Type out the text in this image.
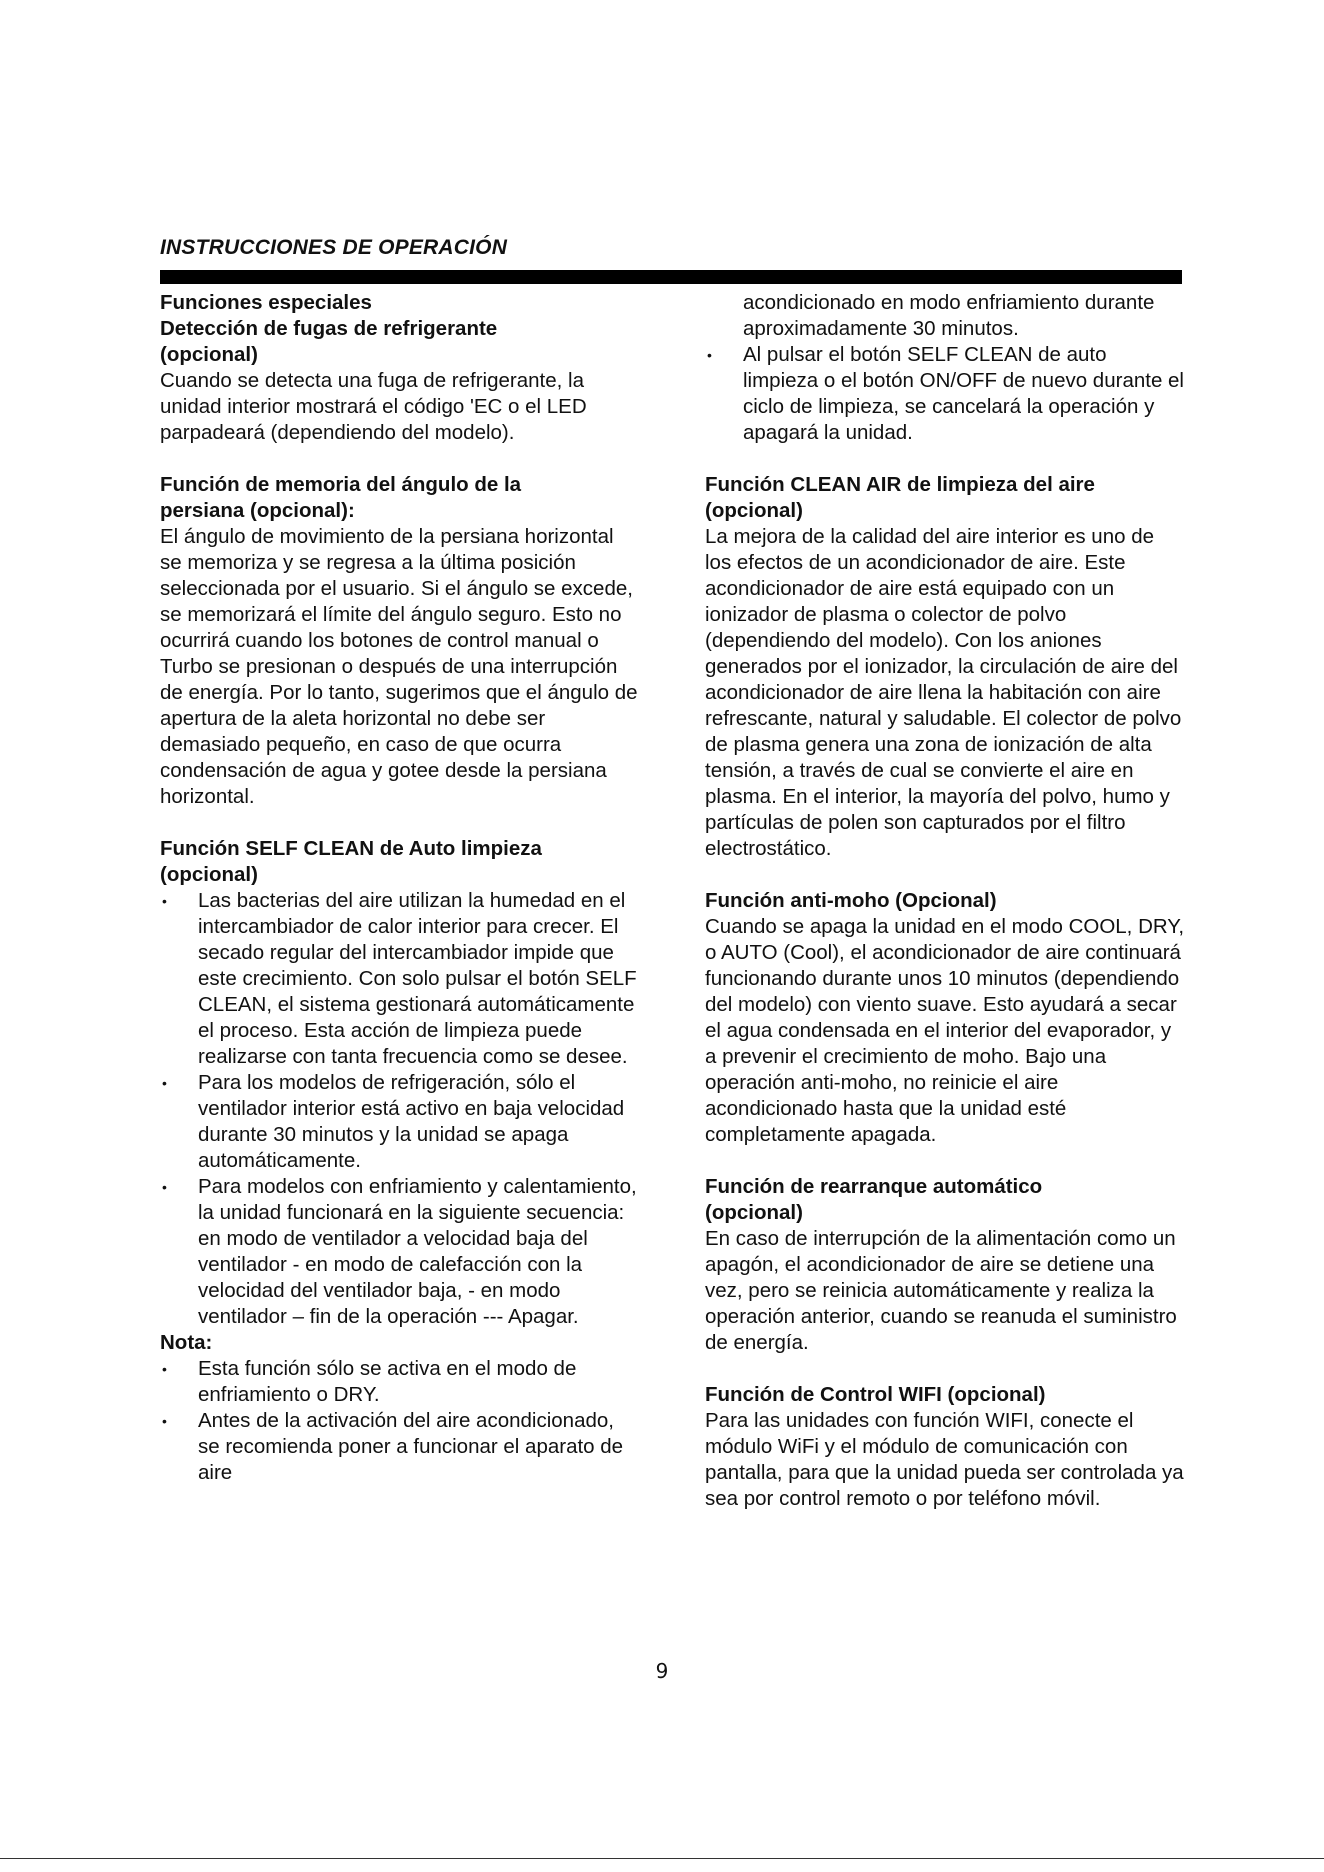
INSTRUCCIONES DE OPERACIÓN

Funciones especiales

Detección de fugas de refrigerante

(opcional)

Cuando se detecta una fuga de refrigerante, la unidad interior mostrará el código 'EC o el LED parpadeará (dependiendo del modelo).

Función de memoria del ángulo de la

persiana (opcional):

El ángulo de movimiento de la persiana horizontal se memoriza y se regresa a la última posición seleccionada por el usuario. Si el ángulo se excede, se memorizará el límite del ángulo seguro. Esto no ocurrirá cuando los botones de control manual o Turbo se presionan o después de una interrupción de energía. Por lo tanto, sugerimos que el ángulo de apertura de la aleta horizontal no debe ser demasiado pequeño, en caso de que ocurra condensación de agua y gotee desde la persiana horizontal.

Función SELF CLEAN de Auto limpieza

(opcional)

• Las bacterias del aire utilizan la humedad en el intercambiador de calor interior para crecer. El secado regular del intercambiador impide que este crecimiento. Con solo pulsar el botón SELF CLEAN, el sistema gestionará automáticamente el proceso. Esta acción de limpieza puede realizarse con tanta frecuencia como se desee.
• Para los modelos de refrigeración, sólo el ventilador interior está activo en baja velocidad durante 30 minutos y la unidad se apaga automáticamente.
• Para modelos con enfriamiento y calentamiento, la unidad funcionará en la siguiente secuencia: en modo de ventilador a velocidad baja del ventilador - en modo de calefacción con la velocidad del ventilador baja, - en modo ventilador – fin de la operación --- Apagar.

Nota:

• Esta función sólo se activa en el modo de enfriamiento o DRY.
• Antes de la activación del aire acondicionado, se recomienda poner a funcionar el aparato de aire

acondicionado en modo enfriamiento durante aproximadamente 30 minutos.

• Al pulsar el botón SELF CLEAN de auto limpieza o el botón ON/OFF de nuevo durante el ciclo de limpieza, se cancelará la operación y apagará la unidad.

Función CLEAN AIR de limpieza del aire

(opcional)

La mejora de la calidad del aire interior es uno de los efectos de un acondicionador de aire. Este acondicionador de aire está equipado con un ionizador de plasma o colector de polvo (dependiendo del modelo). Con los aniones generados por el ionizador, la circulación de aire del acondicionador de aire llena la habitación con aire refrescante, natural y saludable. El colector de polvo de plasma genera una zona de ionización de alta tensión, a través de cual se convierte el aire en plasma. En el interior, la mayoría del polvo, humo y partículas de polen son capturados por el filtro electrostático.

Función anti-moho (Opcional)

Cuando se apaga la unidad en el modo COOL, DRY, o AUTO (Cool), el acondicionador de aire continuará funcionando durante unos 10 minutos (dependiendo del modelo) con viento suave. Esto ayudará a secar el agua condensada en el interior del evaporador, y a prevenir el crecimiento de moho. Bajo una operación anti-moho, no reinicie el aire acondicionado hasta que la unidad esté completamente apagada.

Función de rearranque automático

(opcional)

En caso de interrupción de la alimentación como un apagón, el acondicionador de aire se detiene una vez, pero se reinicia automáticamente y realiza la operación anterior, cuando se reanuda el suministro de energía.

Función de Control WIFI (opcional)

Para las unidades con función WIFI, conecte el módulo WiFi y el módulo de comunicación con pantalla, para que la unidad pueda ser controlada ya sea por control remoto o por teléfono móvil.

9
